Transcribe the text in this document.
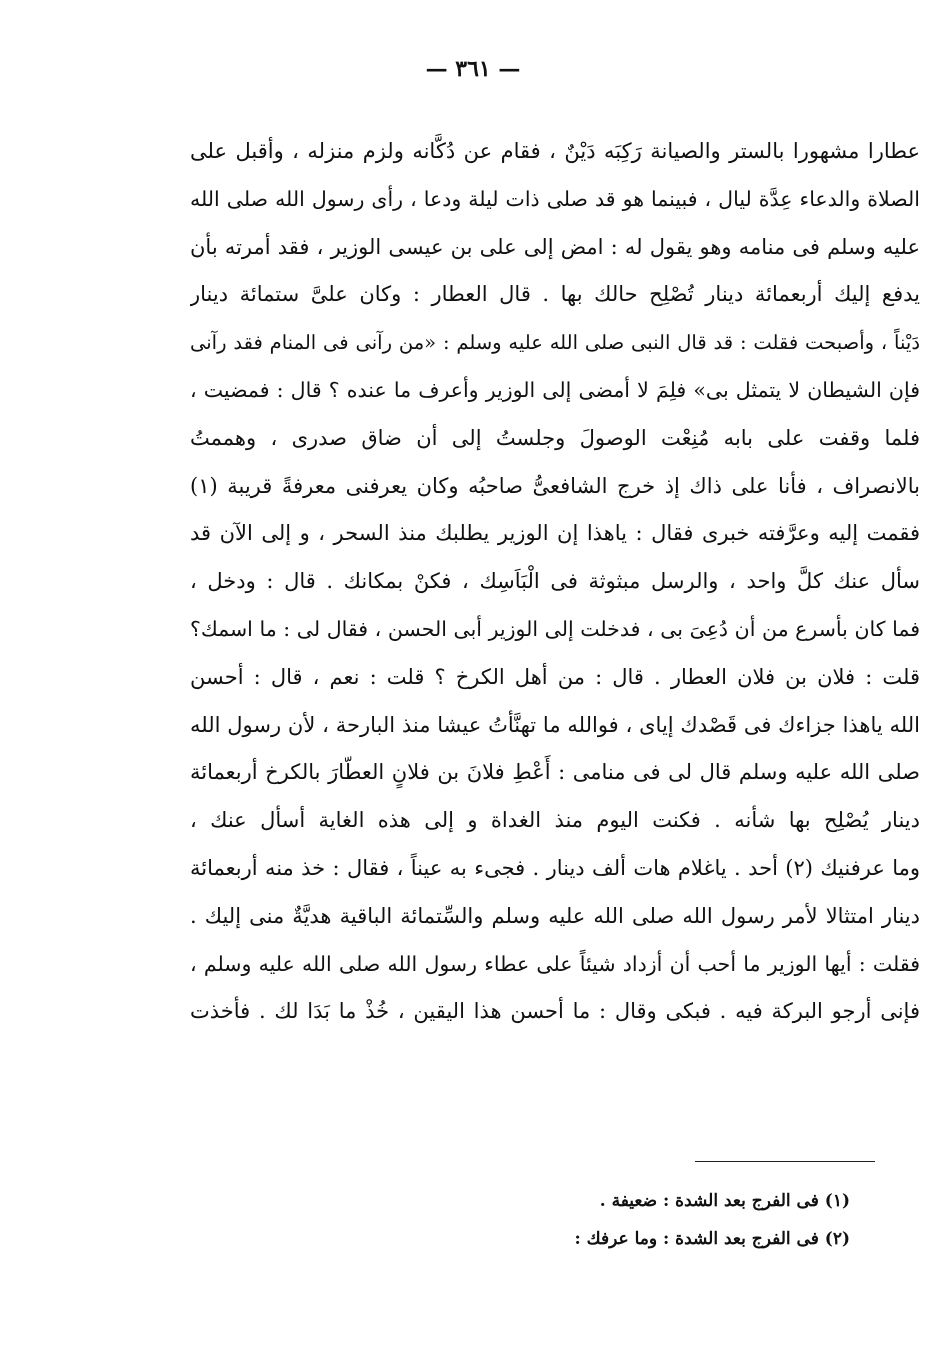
— ٣٦١ —
عطارا مشهورا بالستر والصيانة رَكِبَه دَيْنٌ ، فقام عن دُكَّانه ولزم منزله ، وأقبل على
الصلاة والدعاء عِدَّة ليال ، فبينما هو قد صلى ذات ليلة ودعا ، رأى رسول الله صلى الله
عليه وسلم فى منامه وهو يقول له : امض إلى على بن عيسى الوزير ، فقد أمرته بأن
يدفع إليك أربعمائة دينار تُصْلِح حالك بها . قال العطار : وكان علىَّ ستمائة دينار
دَيْناً ، وأصبحت فقلت : قد قال النبى صلى الله عليه وسلم : «من رآنى فى المنام فقد رآنى
فإن الشيطان لا يتمثل بى» فلِمَ لا أمضى إلى الوزير وأعرف ما عنده ؟ قال : فمضيت ،
فلما وقفت على بابه مُنِعْت الوصولَ وجلستُ إلى أن ضاق صدرى ، وهممتُ
بالانصراف ، فأنا على ذاك إذ خرج الشافعىُّ صاحبُه وكان يعرفنى معرفةً قريبة (١)
فقمت إليه وعرَّفته خبرى فقال : ياهذا إن الوزير يطلبك منذ السحر ، و إلى الآن قد
سأل عنك كلَّ واحد ، والرسل مبثوثة فى الْبَاَسِك ، فكنْ بمكانك . قال : ودخل ،
فما كان بأسرع من أن دُعِىَ بى ، فدخلت إلى الوزير أبى الحسن ، فقال لى : ما اسمك؟
قلت : فلان بن فلان العطار . قال : من أهل الكرخ ؟ قلت : نعم ، قال : أحسن
الله ياهذا جزاءك فى قَصْدك إياى ، فوالله ما تهنَّأتُ عيشا منذ البارحة ، لأن رسول الله
صلى الله عليه وسلم قال لى فى منامى : أَعْطِ فلانَ بن فلانٍ العطّارَ بالكرخ أربعمائة
دينار يُصْلِح بها شأنه . فكنت اليوم منذ الغداة و إلى هذه الغاية أسأل عنك ،
وما عرفنيك (٢) أحد . ياغلام هات ألف دينار . فجىء به عيناً ، فقال : خذ منه أربعمائة
دينار امتثالا لأمر رسول الله صلى الله عليه وسلم والسِّتمائة الباقية هديَّةٌ منى إليك .
فقلت : أيها الوزير ما أحب أن أزداد شيئاً على عطاء رسول الله صلى الله عليه وسلم ،
فإنى أرجو البركة فيه . فبكى وقال : ما أحسن هذا اليقين ، خُذْ ما بَدَا لك . فأخذت
(١) فى الفرج بعد الشدة : ضعيفة .
(٢) فى الفرج بعد الشدة : وما عرفك :
